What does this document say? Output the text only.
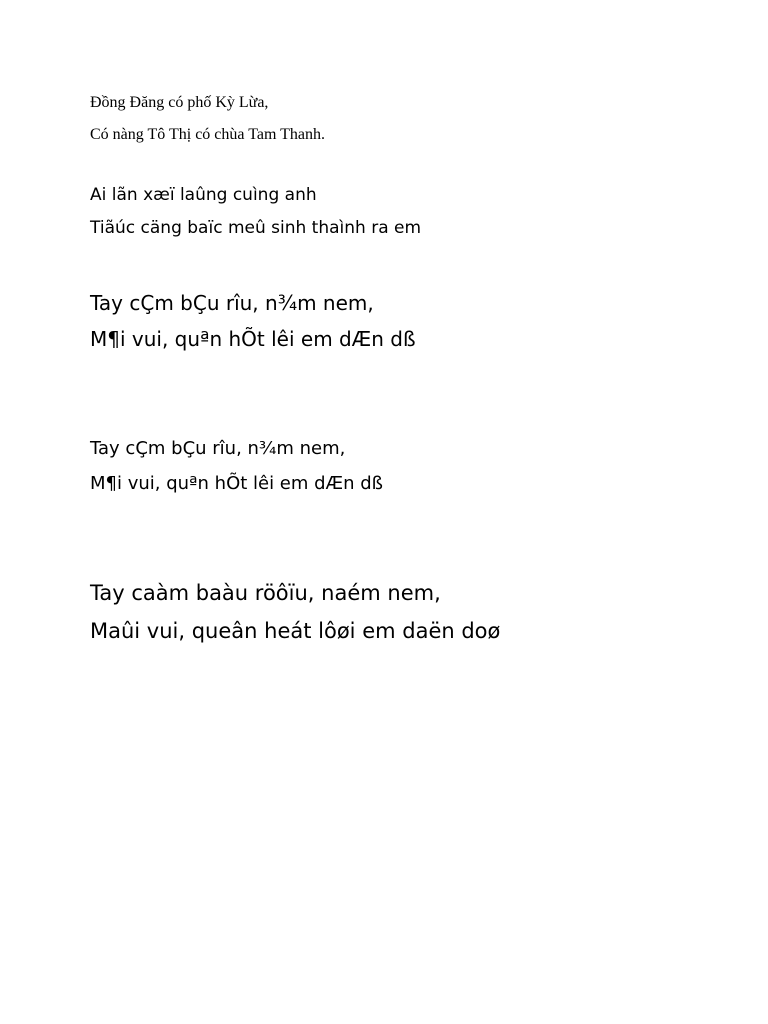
Đồng Đăng có phố Kỳ Lừa,

Có nàng Tô Thị có chùa Tam Thanh.

Ai lãn xæï laûng cuìng anh

Tiãúc cäng baïc meû sinh thaình ra em

Tay cÇm bÇu rîu, n¾m nem,

M¶i vui, quªn hÕt lêi em dÆn dß

Tay cÇm bÇu rîu, n¾m nem,

M¶i vui, quªn hÕt lêi em dÆn dß

Tay caàm baàu röôïu, naém nem,

Maûi vui, queân heát lôøi em daën doø
